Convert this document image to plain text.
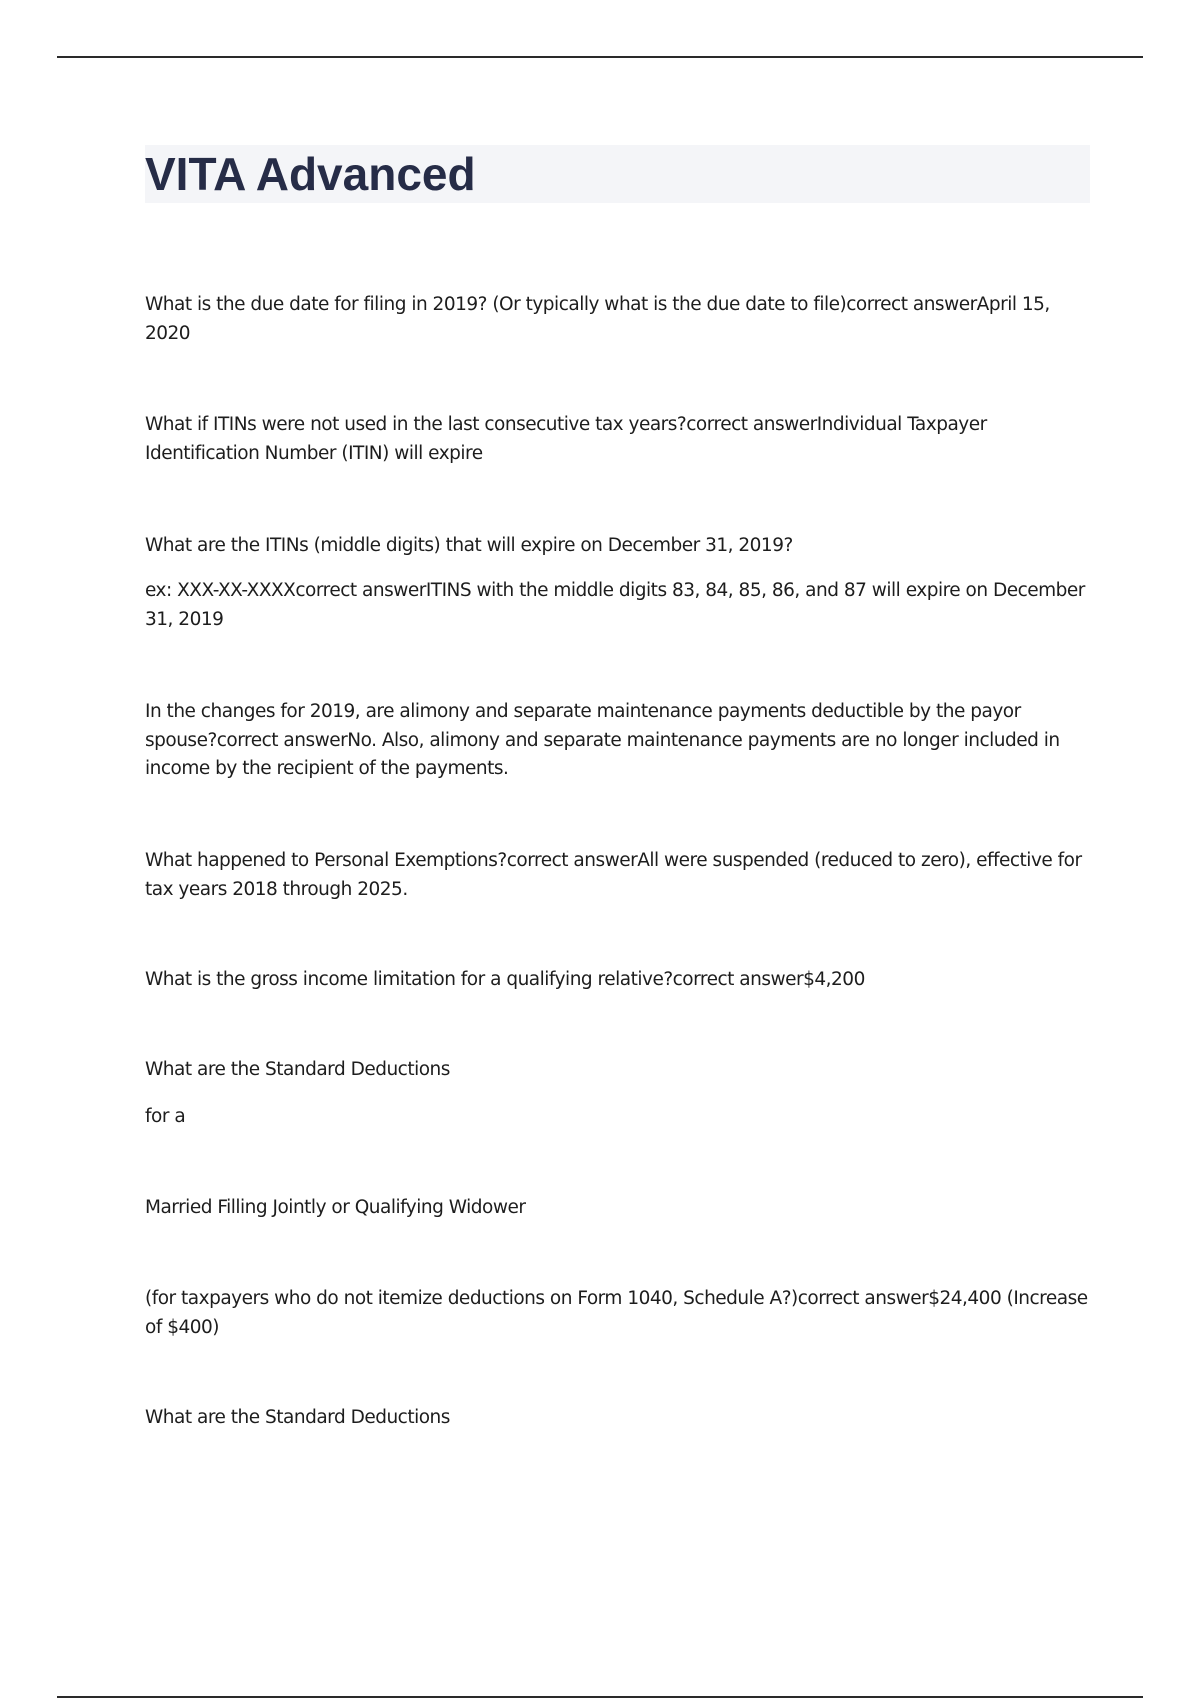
VITA Advanced

What is the due date for filing in 2019? (Or typically what is the due date to file)correct answerApril 15, 2020

What if ITINs were not used in the last consecutive tax years?correct answerIndividual Taxpayer Identification Number (ITIN) will expire

What are the ITINs (middle digits) that will expire on December 31, 2019?

ex: XXX-XX-XXXXcorrect answerITINS with the middle digits 83, 84, 85, 86, and 87 will expire on December 31, 2019

In the changes for 2019, are alimony and separate maintenance payments deductible by the payor spouse?correct answerNo. Also, alimony and separate maintenance payments are no longer included in income by the recipient of the payments.

What happened to Personal Exemptions?correct answerAll were suspended (reduced to zero), effective for tax years 2018 through 2025.

What is the gross income limitation for a qualifying relative?correct answer$4,200

What are the Standard Deductions

for a

Married Filling Jointly or Qualifying Widower

(for taxpayers who do not itemize deductions on Form 1040, Schedule A?)correct answer$24,400 (Increase of $400)

What are the Standard Deductions
